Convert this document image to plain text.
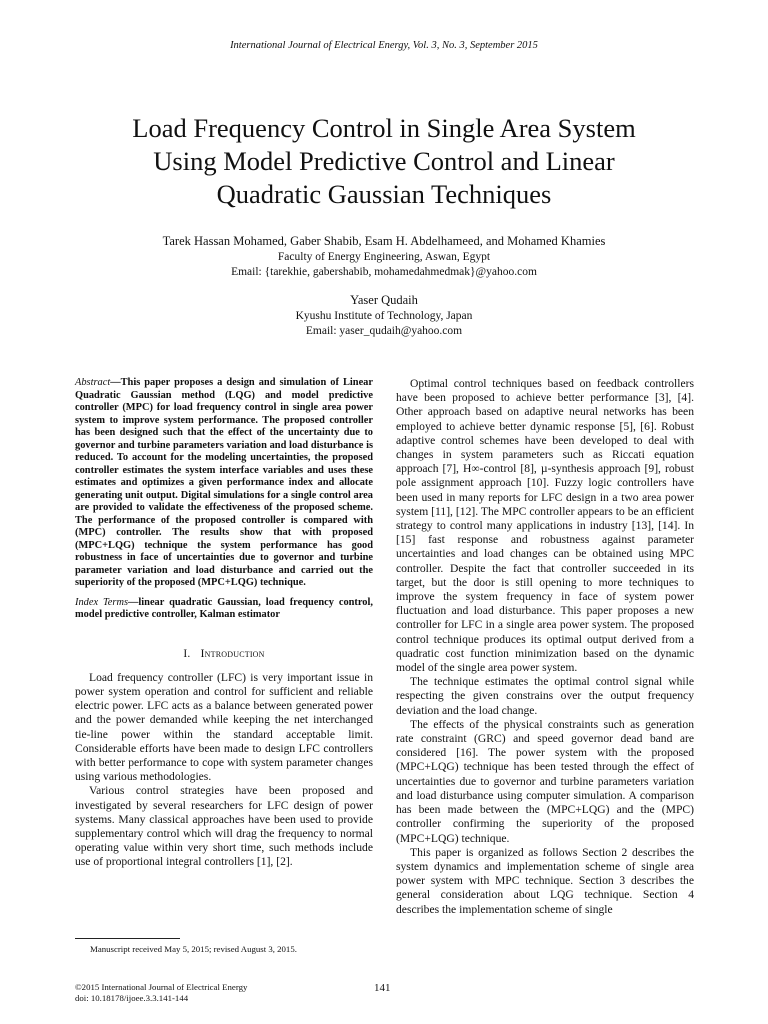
International Journal of Electrical Energy, Vol. 3, No. 3, September 2015
Load Frequency Control in Single Area System
Using Model Predictive Control and Linear
Quadratic Gaussian Techniques
Tarek Hassan Mohamed, Gaber Shabib, Esam H. Abdelhameed, and Mohamed Khamies
Faculty of Energy Engineering, Aswan, Egypt
Email: {tarekhie, gabershabib, mohamedahmedmak}@yahoo.com
Yaser Qudaih
Kyushu Institute of Technology, Japan
Email: yaser_qudaih@yahoo.com
Abstract—This paper proposes a design and simulation of Linear Quadratic Gaussian method (LQG) and model predictive controller (MPC) for load frequency control in single area power system to improve system performance. The proposed controller has been designed such that the effect of the uncertainty due to governor and turbine parameters variation and load disturbance is reduced. To account for the modeling uncertainties, the proposed controller estimates the system interface variables and uses these estimates and optimizes a given performance index and allocate generating unit output. Digital simulations for a single control area are provided to validate the effectiveness of the proposed scheme. The performance of the proposed controller is compared with (MPC) controller. The results show that with proposed (MPC+LQG) technique the system performance has good robustness in face of uncertainties due to governor and turbine parameter variation and load disturbance and carried out the superiority of the proposed (MPC+LQG) technique.
Index Terms—linear quadratic Gaussian, load frequency control, model predictive controller, Kalman estimator
I. Introduction

Load frequency controller (LFC) is very important issue in power system operation and control for sufficient and reliable electric power. LFC acts as a balance between generated power and the power demanded while keeping the net interchanged tie-line power within the standard acceptable limit. Considerable efforts have been made to design LFC controllers with better performance to cope with system parameter changes using various methodologies.

Various control strategies have been proposed and investigated by several researchers for LFC design of power systems. Many classical approaches have been used to provide supplementary control which will drag the frequency to normal operating value within very short time, such methods include use of proportional integral controllers [1], [2].

Optimal control techniques based on feedback controllers have been proposed to achieve better performance [3], [4]. Other approach based on adaptive neural networks has been employed to achieve better dynamic response [5], [6]. Robust adaptive control schemes have been developed to deal with changes in system parameters such as Riccati equation approach [7], H∞-control [8], µ-synthesis approach [9], robust pole assignment approach [10]. Fuzzy logic controllers have been used in many reports for LFC design in a two area power system [11], [12]. The MPC controller appears to be an efficient strategy to control many applications in industry [13], [14]. In [15] fast response and robustness against parameter uncertainties and load changes can be obtained using MPC controller. Despite the fact that controller succeeded in its target, but the door is still opening to more techniques to improve the system frequency in face of system power fluctuation and load disturbance. This paper proposes a new controller for LFC in a single area power system. The proposed control technique produces its optimal output derived from a quadratic cost function minimization based on the dynamic model of the single area power system.

The technique estimates the optimal control signal while respecting the given constrains over the output frequency deviation and the load change.

The effects of the physical constraints such as generation rate constraint (GRC) and speed governor dead band are considered [16]. The power system with the proposed (MPC+LQG) technique has been tested through the effect of uncertainties due to governor and turbine parameters variation and load disturbance using computer simulation. A comparison has been made between the (MPC+LQG) and the (MPC) controller confirming the superiority of the proposed (MPC+LQG) technique.

This paper is organized as follows Section 2 describes the system dynamics and implementation scheme of single area power system with MPC technique. Section 3 describes the general consideration about LQG technique. Section 4 describes the implementation scheme of single

Manuscript received May 5, 2015; revised August 3, 2015.
©2015 International Journal of Electrical Energy
doi: 10.18178/ijoee.3.3.141-144
141
